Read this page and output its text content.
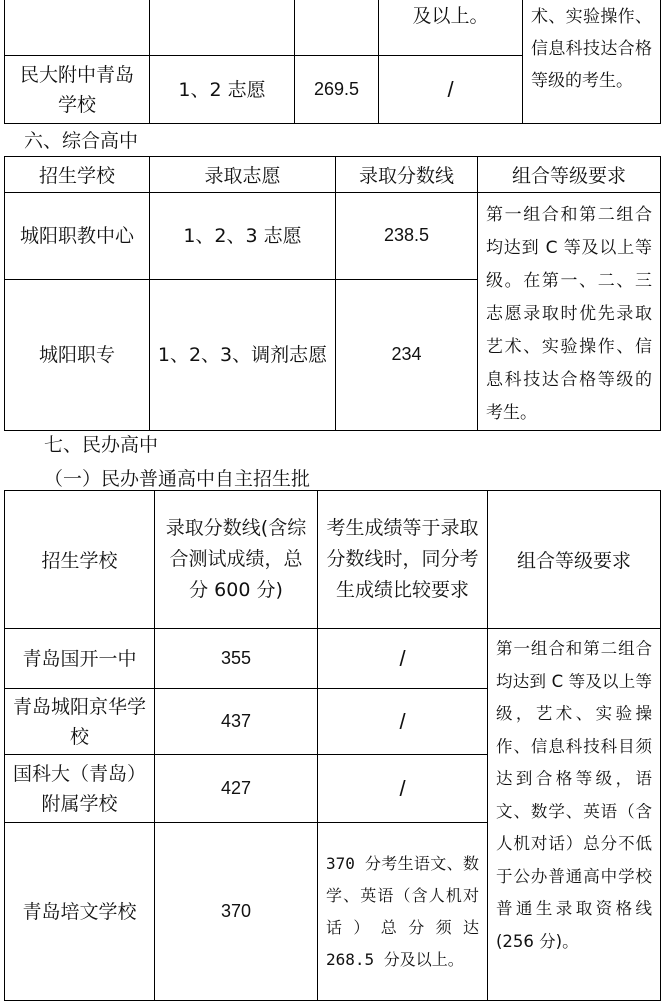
			及以上。	术、实验操作、信息科技达合格等级的考生。
民大附中青岛学校	1、2 志愿	269.5	/	
六、综合高中
招生学校	录取志愿	录取分数线	组合等级要求
城阳职教中心	1、2、3 志愿	238.5	第一组合和第二组合均达到 C 等及以上等级。在第一、二、三志愿录取时优先录取艺术、实验操作、信息科技达合格等级的考生。
城阳职专	1、2、3、调剂志愿	234	
七、民办高中
（一）民办普通高中自主招生批
招生学校	录取分数线(含综合测试成绩，总分 600 分)	考生成绩等于录取分数线时，同分考生成绩比较要求	组合等级要求
青岛国开一中	355	/	第一组合和第二组合均达到 C 等及以上等级，艺术、实验操作、信息科技科目须达到合格等级，语文、数学、英语（含人机对话）总分不低于公办普通高中学校普通生录取资格线 (256 分)。
青岛城阳京华学校	437	/	
国科大（青岛）附属学校	427	/	
青岛培文学校	370	370 分考生语文、数学、英语（含人机对话）总分须达 268.5 分及以上。	
